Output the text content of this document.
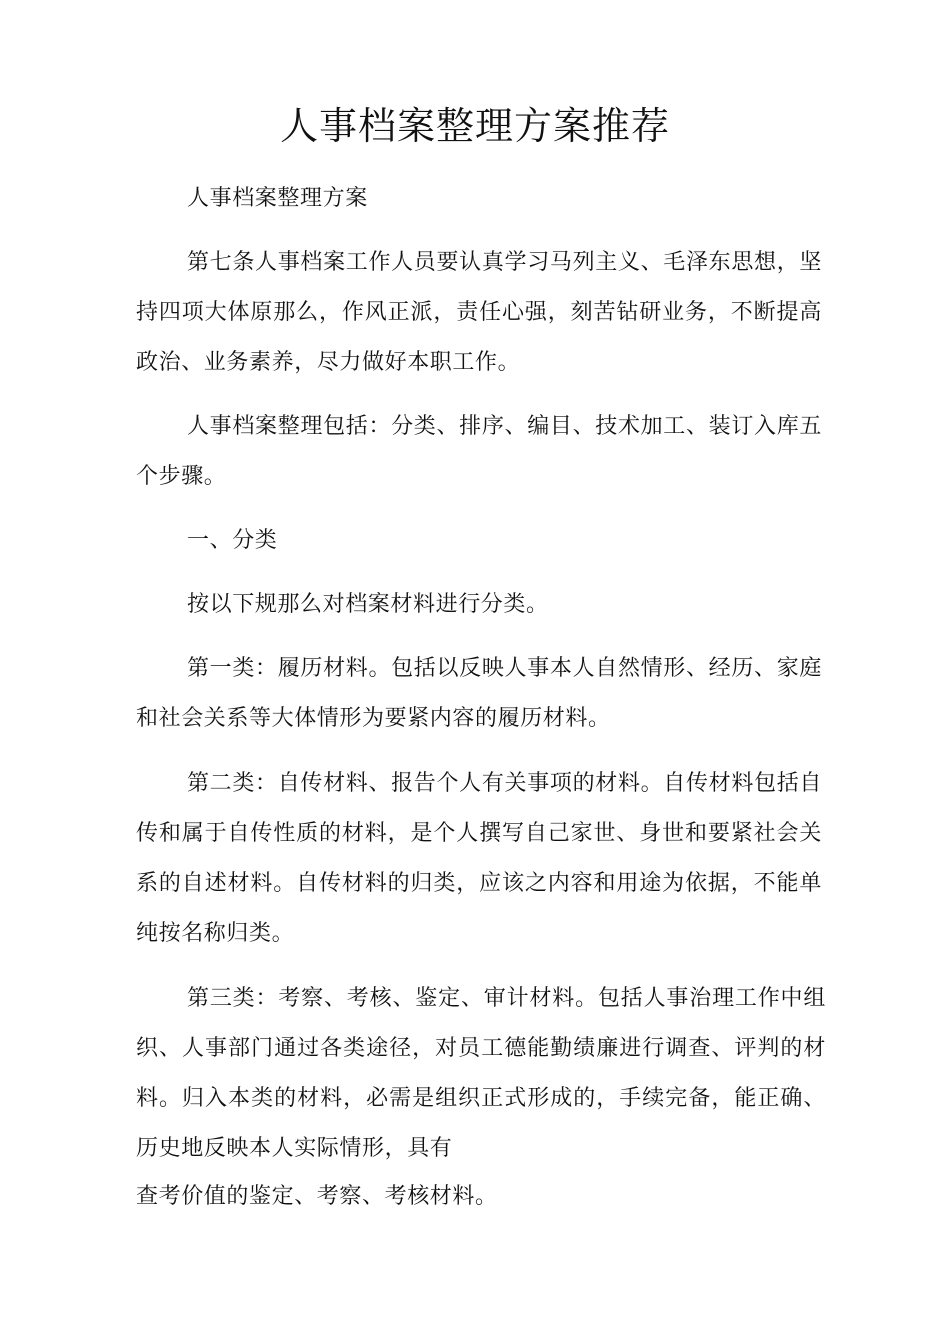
人事档案整理方案推荐

人事档案整理方案

第七条人事档案工作人员要认真学习马列主义、毛泽东思想，坚持四项大体原那么，作风正派，责任心强，刻苦钻研业务，不断提高政治、业务素养，尽力做好本职工作。

人事档案整理包括：分类、排序、编目、技术加工、装订入库五个步骤。

一、分类

按以下规那么对档案材料进行分类。

第一类：履历材料。包括以反映人事本人自然情形、经历、家庭和社会关系等大体情形为要紧内容的履历材料。

第二类：自传材料、报告个人有关事项的材料。自传材料包括自传和属于自传性质的材料，是个人撰写自己家世、身世和要紧社会关系的自述材料。自传材料的归类，应该之内容和用途为依据，不能单纯按名称归类。

第三类：考察、考核、鉴定、审计材料。包括人事治理工作中组织、人事部门通过各类途径，对员工德能勤绩廉进行调查、评判的材料。归入本类的材料，必需是组织正式形成的，手续完备，能正确、历史地反映本人实际情形，具有

查考价值的鉴定、考察、考核材料。
